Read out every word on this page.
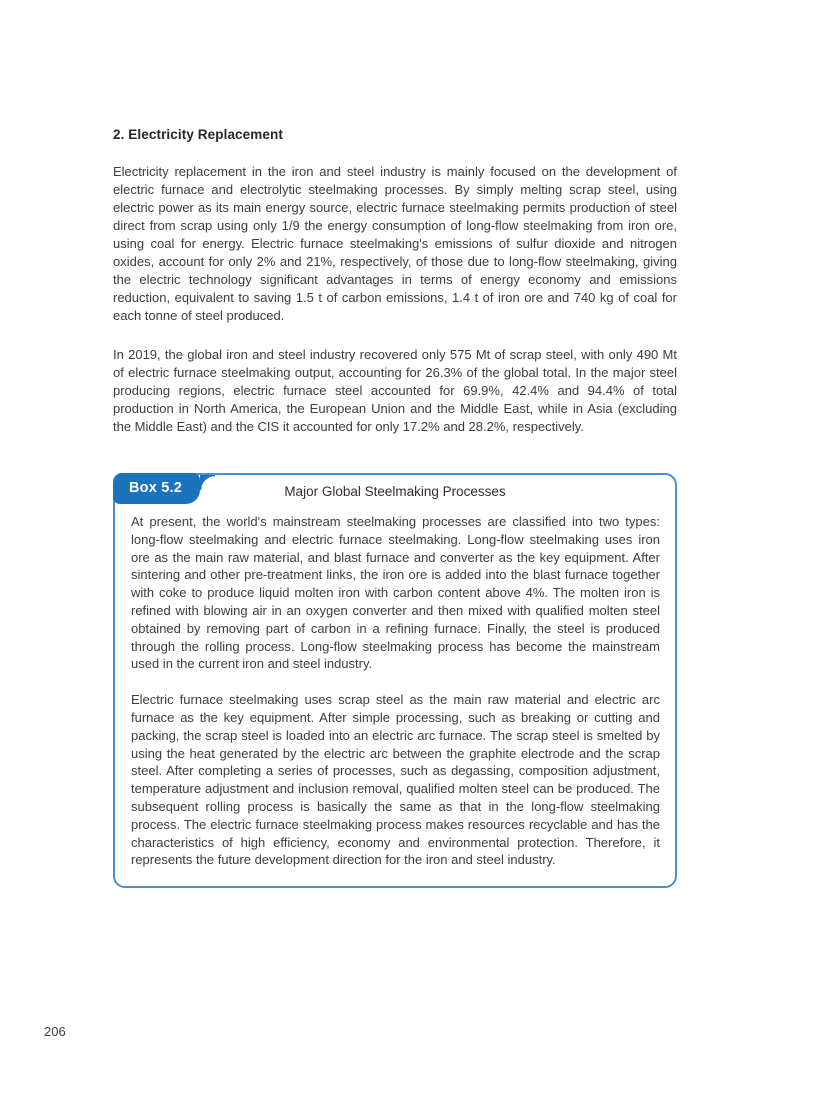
2. Electricity Replacement

Electricity replacement in the iron and steel industry is mainly focused on the development of electric furnace and electrolytic steelmaking processes. By simply melting scrap steel, using electric power as its main energy source, electric furnace steelmaking permits production of steel direct from scrap using only 1/9 the energy consumption of long-flow steelmaking from iron ore, using coal for energy. Electric furnace steelmaking's emissions of sulfur dioxide and nitrogen oxides, account for only 2% and 21%, respectively, of those due to long-flow steelmaking, giving the electric technology significant advantages in terms of energy economy and emissions reduction, equivalent to saving 1.5 t of carbon emissions, 1.4 t of iron ore and 740 kg of coal for each tonne of steel produced.

In 2019, the global iron and steel industry recovered only 575 Mt of scrap steel, with only 490 Mt of electric furnace steelmaking output, accounting for 26.3% of the global total. In the major steel producing regions, electric furnace steel accounted for 69.9%, 42.4% and 94.4% of total production in North America, the European Union and the Middle East, while in Asia (excluding the Middle East) and the CIS it accounted for only 17.2% and 28.2%, respectively.

Box 5.2	Major Global Steelmaking Processes

At present, the world's mainstream steelmaking processes are classified into two types: long-flow steelmaking and electric furnace steelmaking. Long-flow steelmaking uses iron ore as the main raw material, and blast furnace and converter as the key equipment. After sintering and other pre-treatment links, the iron ore is added into the blast furnace together with coke to produce liquid molten iron with carbon content above 4%. The molten iron is refined with blowing air in an oxygen converter and then mixed with qualified molten steel obtained by removing part of carbon in a refining furnace. Finally, the steel is produced through the rolling process. Long-flow steelmaking process has become the mainstream used in the current iron and steel industry.

Electric furnace steelmaking uses scrap steel as the main raw material and electric arc furnace as the key equipment. After simple processing, such as breaking or cutting and packing, the scrap steel is loaded into an electric arc furnace. The scrap steel is smelted by using the heat generated by the electric arc between the graphite electrode and the scrap steel. After completing a series of processes, such as degassing, composition adjustment, temperature adjustment and inclusion removal, qualified molten steel can be produced. The subsequent rolling process is basically the same as that in the long-flow steelmaking process. The electric furnace steelmaking process makes resources recyclable and has the characteristics of high efficiency, economy and environmental protection. Therefore, it represents the future development direction for the iron and steel industry.

206
